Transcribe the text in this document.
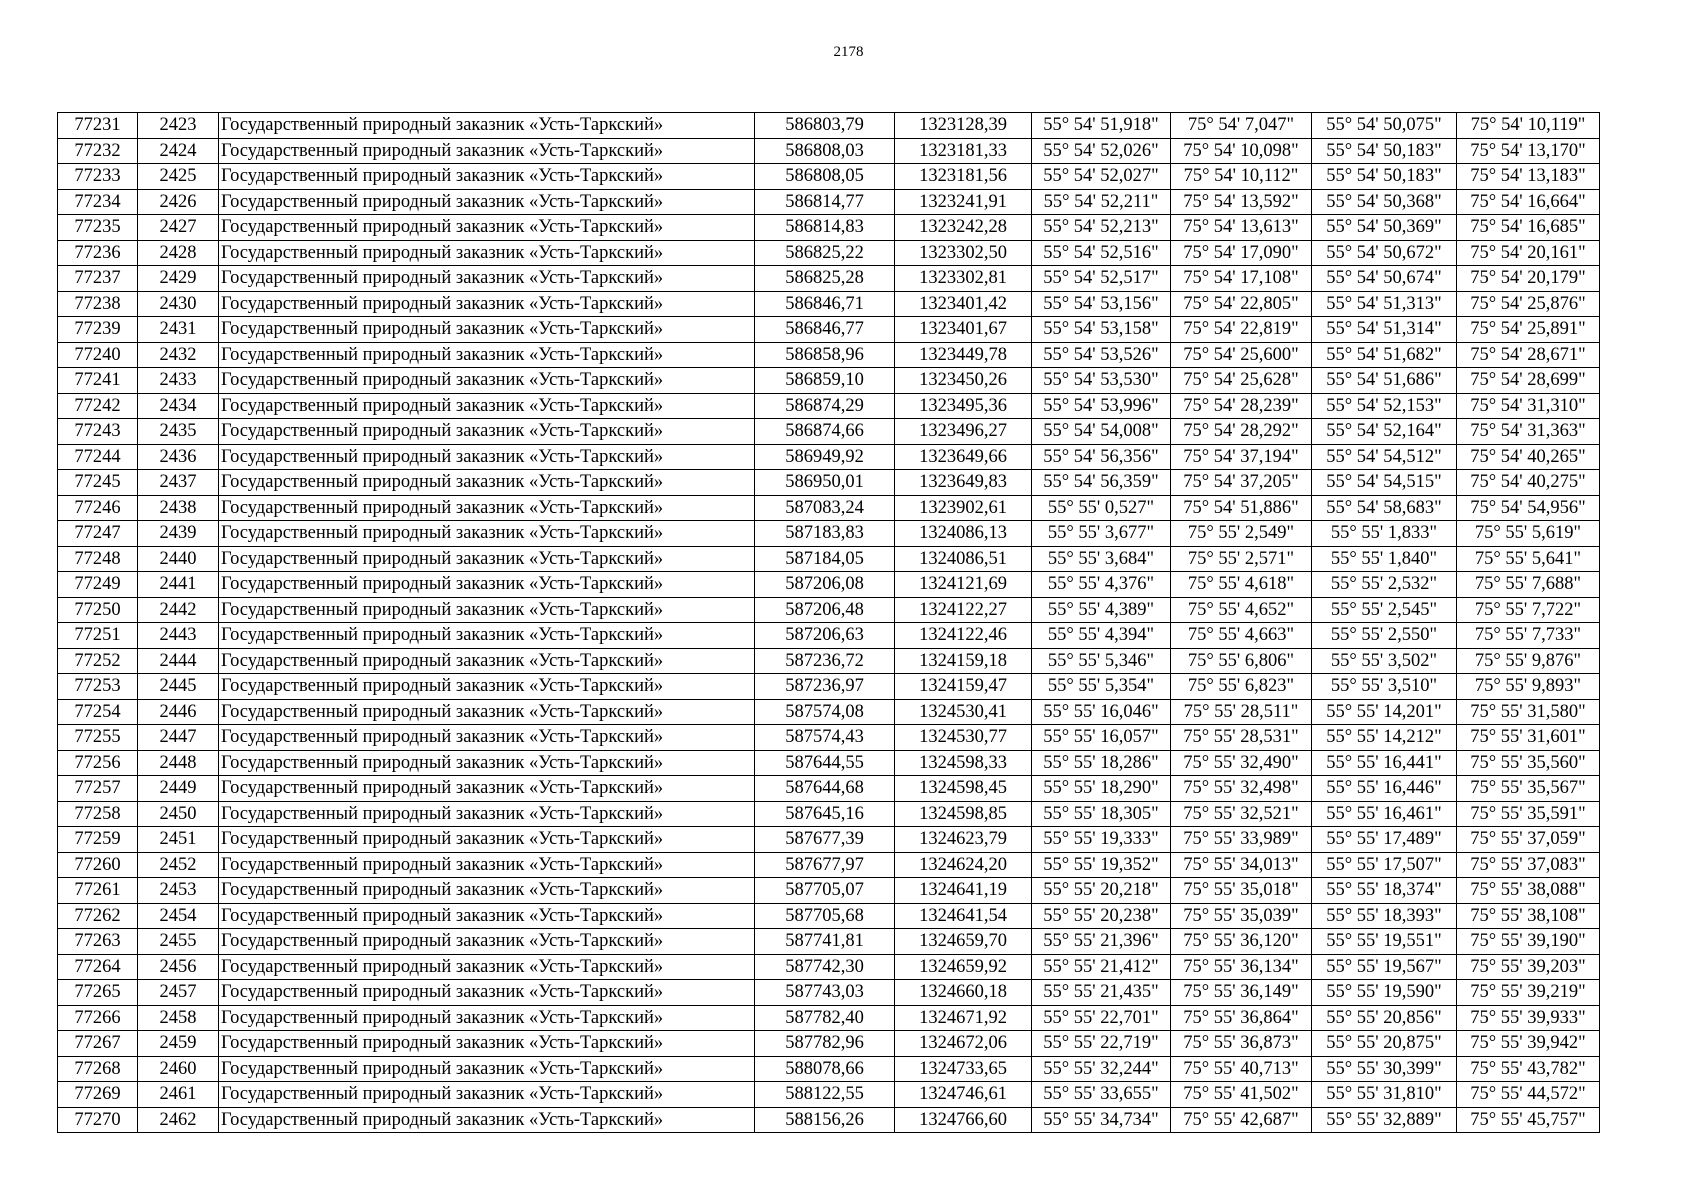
2178
77231	2423	Государственный природный заказник «Усть-Таркский»	586803,79	1323128,39	55° 54' 51,918"	75° 54' 7,047"	55° 54' 50,075"	75° 54' 10,119"
77232	2424	Государственный природный заказник «Усть-Таркский»	586808,03	1323181,33	55° 54' 52,026"	75° 54' 10,098"	55° 54' 50,183"	75° 54' 13,170"
77233	2425	Государственный природный заказник «Усть-Таркский»	586808,05	1323181,56	55° 54' 52,027"	75° 54' 10,112"	55° 54' 50,183"	75° 54' 13,183"
77234	2426	Государственный природный заказник «Усть-Таркский»	586814,77	1323241,91	55° 54' 52,211"	75° 54' 13,592"	55° 54' 50,368"	75° 54' 16,664"
77235	2427	Государственный природный заказник «Усть-Таркский»	586814,83	1323242,28	55° 54' 52,213"	75° 54' 13,613"	55° 54' 50,369"	75° 54' 16,685"
77236	2428	Государственный природный заказник «Усть-Таркский»	586825,22	1323302,50	55° 54' 52,516"	75° 54' 17,090"	55° 54' 50,672"	75° 54' 20,161"
77237	2429	Государственный природный заказник «Усть-Таркский»	586825,28	1323302,81	55° 54' 52,517"	75° 54' 17,108"	55° 54' 50,674"	75° 54' 20,179"
77238	2430	Государственный природный заказник «Усть-Таркский»	586846,71	1323401,42	55° 54' 53,156"	75° 54' 22,805"	55° 54' 51,313"	75° 54' 25,876"
77239	2431	Государственный природный заказник «Усть-Таркский»	586846,77	1323401,67	55° 54' 53,158"	75° 54' 22,819"	55° 54' 51,314"	75° 54' 25,891"
77240	2432	Государственный природный заказник «Усть-Таркский»	586858,96	1323449,78	55° 54' 53,526"	75° 54' 25,600"	55° 54' 51,682"	75° 54' 28,671"
77241	2433	Государственный природный заказник «Усть-Таркский»	586859,10	1323450,26	55° 54' 53,530"	75° 54' 25,628"	55° 54' 51,686"	75° 54' 28,699"
77242	2434	Государственный природный заказник «Усть-Таркский»	586874,29	1323495,36	55° 54' 53,996"	75° 54' 28,239"	55° 54' 52,153"	75° 54' 31,310"
77243	2435	Государственный природный заказник «Усть-Таркский»	586874,66	1323496,27	55° 54' 54,008"	75° 54' 28,292"	55° 54' 52,164"	75° 54' 31,363"
77244	2436	Государственный природный заказник «Усть-Таркский»	586949,92	1323649,66	55° 54' 56,356"	75° 54' 37,194"	55° 54' 54,512"	75° 54' 40,265"
77245	2437	Государственный природный заказник «Усть-Таркский»	586950,01	1323649,83	55° 54' 56,359"	75° 54' 37,205"	55° 54' 54,515"	75° 54' 40,275"
77246	2438	Государственный природный заказник «Усть-Таркский»	587083,24	1323902,61	55° 55' 0,527"	75° 54' 51,886"	55° 54' 58,683"	75° 54' 54,956"
77247	2439	Государственный природный заказник «Усть-Таркский»	587183,83	1324086,13	55° 55' 3,677"	75° 55' 2,549"	55° 55' 1,833"	75° 55' 5,619"
77248	2440	Государственный природный заказник «Усть-Таркский»	587184,05	1324086,51	55° 55' 3,684"	75° 55' 2,571"	55° 55' 1,840"	75° 55' 5,641"
77249	2441	Государственный природный заказник «Усть-Таркский»	587206,08	1324121,69	55° 55' 4,376"	75° 55' 4,618"	55° 55' 2,532"	75° 55' 7,688"
77250	2442	Государственный природный заказник «Усть-Таркский»	587206,48	1324122,27	55° 55' 4,389"	75° 55' 4,652"	55° 55' 2,545"	75° 55' 7,722"
77251	2443	Государственный природный заказник «Усть-Таркский»	587206,63	1324122,46	55° 55' 4,394"	75° 55' 4,663"	55° 55' 2,550"	75° 55' 7,733"
77252	2444	Государственный природный заказник «Усть-Таркский»	587236,72	1324159,18	55° 55' 5,346"	75° 55' 6,806"	55° 55' 3,502"	75° 55' 9,876"
77253	2445	Государственный природный заказник «Усть-Таркский»	587236,97	1324159,47	55° 55' 5,354"	75° 55' 6,823"	55° 55' 3,510"	75° 55' 9,893"
77254	2446	Государственный природный заказник «Усть-Таркский»	587574,08	1324530,41	55° 55' 16,046"	75° 55' 28,511"	55° 55' 14,201"	75° 55' 31,580"
77255	2447	Государственный природный заказник «Усть-Таркский»	587574,43	1324530,77	55° 55' 16,057"	75° 55' 28,531"	55° 55' 14,212"	75° 55' 31,601"
77256	2448	Государственный природный заказник «Усть-Таркский»	587644,55	1324598,33	55° 55' 18,286"	75° 55' 32,490"	55° 55' 16,441"	75° 55' 35,560"
77257	2449	Государственный природный заказник «Усть-Таркский»	587644,68	1324598,45	55° 55' 18,290"	75° 55' 32,498"	55° 55' 16,446"	75° 55' 35,567"
77258	2450	Государственный природный заказник «Усть-Таркский»	587645,16	1324598,85	55° 55' 18,305"	75° 55' 32,521"	55° 55' 16,461"	75° 55' 35,591"
77259	2451	Государственный природный заказник «Усть-Таркский»	587677,39	1324623,79	55° 55' 19,333"	75° 55' 33,989"	55° 55' 17,489"	75° 55' 37,059"
77260	2452	Государственный природный заказник «Усть-Таркский»	587677,97	1324624,20	55° 55' 19,352"	75° 55' 34,013"	55° 55' 17,507"	75° 55' 37,083"
77261	2453	Государственный природный заказник «Усть-Таркский»	587705,07	1324641,19	55° 55' 20,218"	75° 55' 35,018"	55° 55' 18,374"	75° 55' 38,088"
77262	2454	Государственный природный заказник «Усть-Таркский»	587705,68	1324641,54	55° 55' 20,238"	75° 55' 35,039"	55° 55' 18,393"	75° 55' 38,108"
77263	2455	Государственный природный заказник «Усть-Таркский»	587741,81	1324659,70	55° 55' 21,396"	75° 55' 36,120"	55° 55' 19,551"	75° 55' 39,190"
77264	2456	Государственный природный заказник «Усть-Таркский»	587742,30	1324659,92	55° 55' 21,412"	75° 55' 36,134"	55° 55' 19,567"	75° 55' 39,203"
77265	2457	Государственный природный заказник «Усть-Таркский»	587743,03	1324660,18	55° 55' 21,435"	75° 55' 36,149"	55° 55' 19,590"	75° 55' 39,219"
77266	2458	Государственный природный заказник «Усть-Таркский»	587782,40	1324671,92	55° 55' 22,701"	75° 55' 36,864"	55° 55' 20,856"	75° 55' 39,933"
77267	2459	Государственный природный заказник «Усть-Таркский»	587782,96	1324672,06	55° 55' 22,719"	75° 55' 36,873"	55° 55' 20,875"	75° 55' 39,942"
77268	2460	Государственный природный заказник «Усть-Таркский»	588078,66	1324733,65	55° 55' 32,244"	75° 55' 40,713"	55° 55' 30,399"	75° 55' 43,782"
77269	2461	Государственный природный заказник «Усть-Таркский»	588122,55	1324746,61	55° 55' 33,655"	75° 55' 41,502"	55° 55' 31,810"	75° 55' 44,572"
77270	2462	Государственный природный заказник «Усть-Таркский»	588156,26	1324766,60	55° 55' 34,734"	75° 55' 42,687"	55° 55' 32,889"	75° 55' 45,757"
